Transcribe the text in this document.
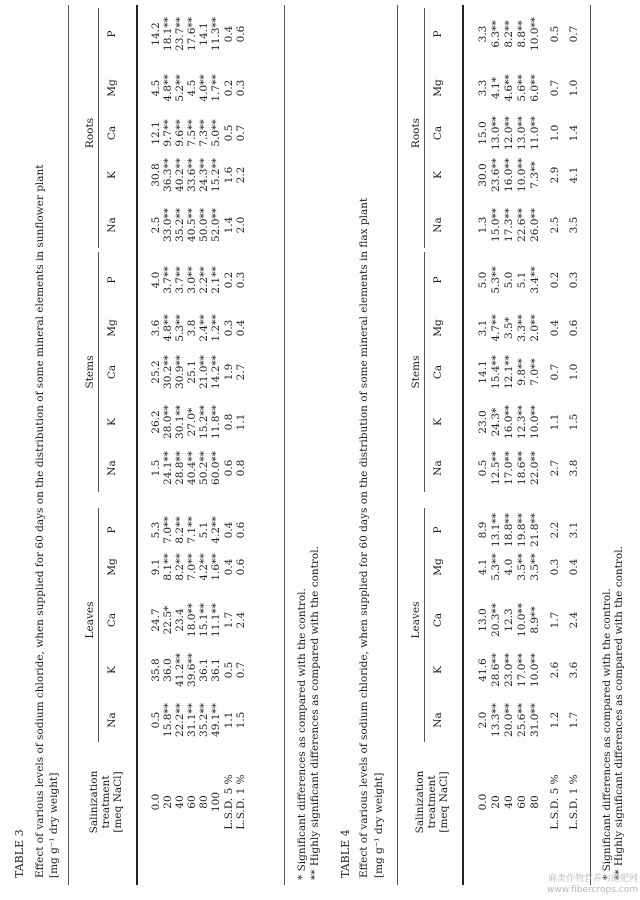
TABLE 3 Effect of various levels of sodium chloride, when supplied for 60 days on the distribution of some mineral elements in sunflower plant [mg g⁻¹ dry weight]	Salinization treatment [meq NaCl]
Leaves
Stems
Roots
Na
K
Ca
Mg
P
Na
K
Ca
Mg
P
Na
K
Ca
Mg
P
0.0
0.5
35.8
24.7
9.1
5.3
1.5
26.2
25.2
3.6
4.0
2.5
30.8
12.1
4.5
14.2
20
15.8**
36.0
22.5*
8.1**
7.0**
24.1**
28.0**
30.2**
4.8**
3.7**
33.0**
36.3**
9.7**
4.8**
18.1**
40
22.2**
41.2**
23.4
8.2**
8.2**
28.8**
30.1**
30.9**
5.3**
3.7**
35.2**
40.2**
9.6**
5.2**
23.7**
60
31.1**
39.6**
18.0**
7.0**
7.1**
40.4**
27.0*
25.1
3.8
3.0**
40.5**
33.6**
7.5**
4.5
17.6**
80
35.2**
36.1
15.1**
4.2**
5.1
50.2**
15.2**
21.0**
2.4**
2.2**
50.0**
24.3**
7.3**
4.0**
14.1
100
49.1**
36.1
11.1**
1.6**
4.2**
60.0**
11.8**
14.2**
1.2**
2.1**
52.0**
15.2**
5.0**
1.7**
11.3**
L.S.D. 5 %
1.1
0.5
1.7
0.4
0.4
0.6
0.8
1.9
0.3
0.2
1.4
1.6
0.5
0.2
0.4
L.S.D. 1 %
1.5
0.7
2.4
0.6
0.6
0.8
1.1
2.7
0.4
0.3
2.0
2.2
0.7
0.3
0.6
* Significant differences as compared with the control. ** Highly significant differences as compared with the control. TABLE 4 Effect of various levels of sodium chloride, when supplied for 60 days on the distribution of some mineral elements in flax plant [mg g⁻¹ dry weight]	Salinization treatment [meq NaCl]
Leaves
Stems
Roots
Na
K
Ca
Mg
P
Na
K
Ca
Mg
P
Na
K
Ca
Mg
P
0.0
2.0
41.6
13.0
4.1
8.9
0.5
23.0
14.1
3.1
5.0
1.3
30.0
15.0
3.3
3.3
20
13.3**
28.6**
20.3**
5.3**
13.1**
12.5**
24.3*
15.4**
4.7**
5.3**
15.0**
23.6**
13.0**
4.1*
6.3**
40
20.0**
23.0**
12.3
4.0
18.8**
17.0**
16.0**
12.1**
3.5*
5.0
17.3**
16.0**
12.0**
4.6**
8.2**
60
25.6**
17.0**
10.0**
3.5**
19.8**
18.6**
12.3**
9.8**
3.3**
5.1
22.6**
10.0**
13.0**
5.6**
8.8**
80
31.0**
10.0**
8.9**
3.5**
21.8**
22.0**
10.0**
7.0**
2.0**
3.4**
26.0**
7.3**
11.0**
6.0**
10.0**
L.S.D. 5 %
1.2
2.6
1.7
0.3
2.2
2.7
1.1
0.7
0.4
0.2
2.5
2.9
1.0
0.7
0.5
L.S.D. 1 %
1.7
3.6
2.4
0.4
3.1
3.8
1.5
1.0
0.6
0.3
3.5
4.1
1.4
1.0
0.7
* Significant differences as compared with the control. ** Highly significant differences as compared with the control.
麻类作物营养与施肥网
www.fibercrops.com
